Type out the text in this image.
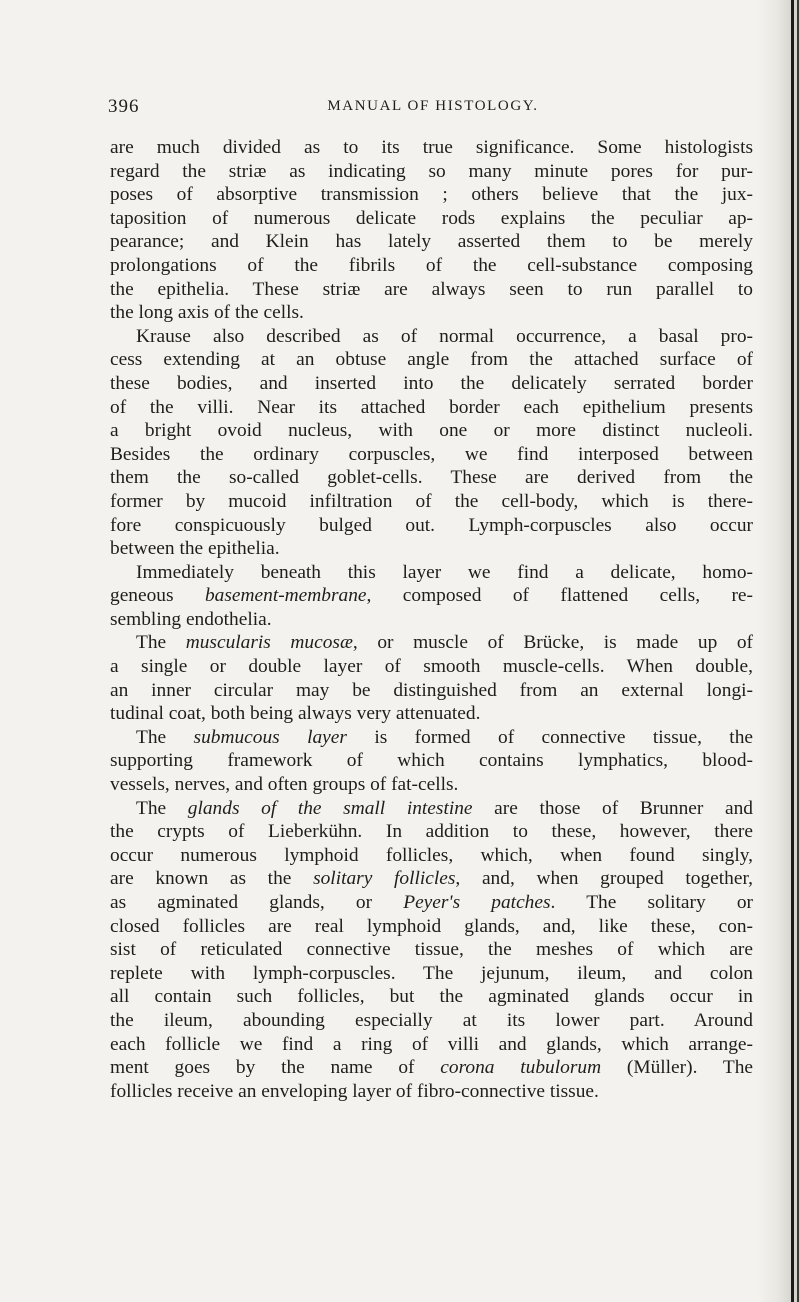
396	MANUAL OF HISTOLOGY.
are much divided as to its true significance. Some histologists
regard the striæ as indicating so many minute pores for pur-
poses of absorptive transmission ; others believe that the jux-
taposition of numerous delicate rods explains the peculiar ap-
pearance; and Klein has lately asserted them to be merely
prolongations of the fibrils of the cell-substance composing
the epithelia. These striæ are always seen to run parallel to
the long axis of the cells.
Krause also described as of normal occurrence, a basal pro-
cess extending at an obtuse angle from the attached surface of
these bodies, and inserted into the delicately serrated border
of the villi. Near its attached border each epithelium presents
a bright ovoid nucleus, with one or more distinct nucleoli.
Besides the ordinary corpuscles, we find interposed between
them the so-called goblet-cells. These are derived from the
former by mucoid infiltration of the cell-body, which is there-
fore conspicuously bulged out. Lymph-corpuscles also occur
between the epithelia.
Immediately beneath this layer we find a delicate, homo-
geneous basement-membrane, composed of flattened cells, re-
sembling endothelia.
The muscularis mucosæ, or muscle of Brücke, is made up of
a single or double layer of smooth muscle-cells. When double,
an inner circular may be distinguished from an external longi-
tudinal coat, both being always very attenuated.
The submucous layer is formed of connective tissue, the
supporting framework of which contains lymphatics, blood-
vessels, nerves, and often groups of fat-cells.
The glands of the small intestine are those of Brunner and
the crypts of Lieberkühn. In addition to these, however, there
occur numerous lymphoid follicles, which, when found singly,
are known as the solitary follicles, and, when grouped together,
as agminated glands, or Peyer's patches. The solitary or
closed follicles are real lymphoid glands, and, like these, con-
sist of reticulated connective tissue, the meshes of which are
replete with lymph-corpuscles. The jejunum, ileum, and colon
all contain such follicles, but the agminated glands occur in
the ileum, abounding especially at its lower part. Around
each follicle we find a ring of villi and glands, which arrange-
ment goes by the name of corona tubulorum (Müller). The
follicles receive an enveloping layer of fibro-connective tissue.
